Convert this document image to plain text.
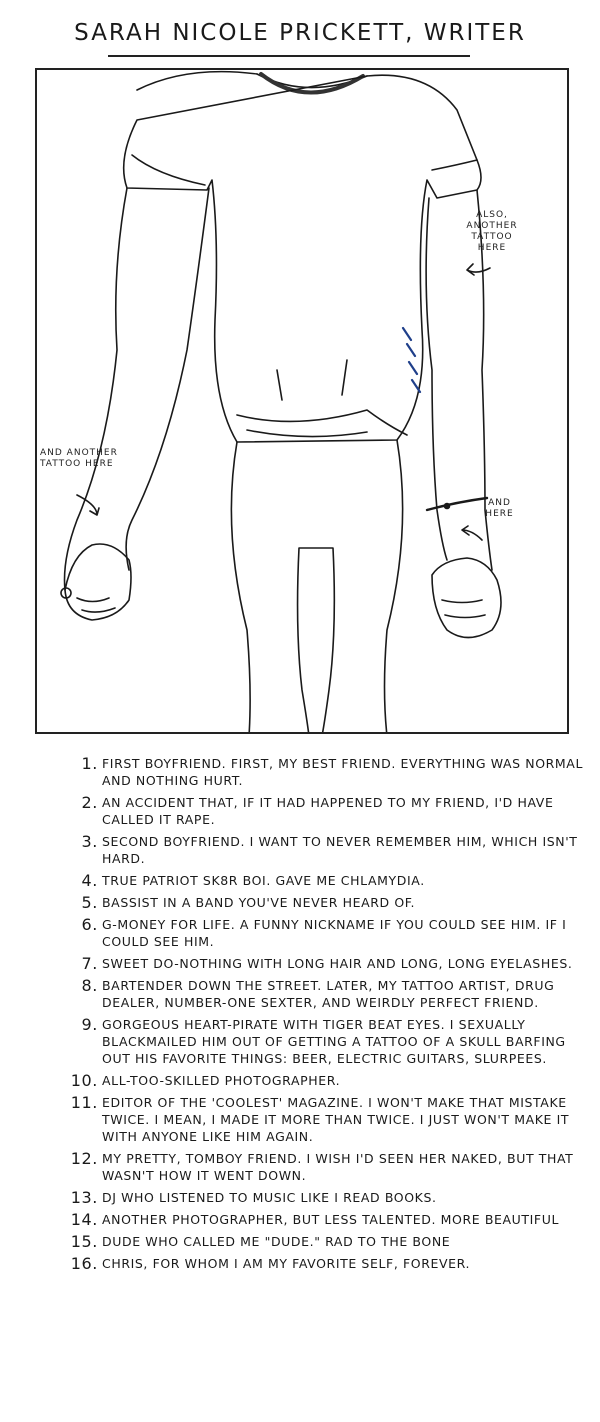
SARAH NICOLE PRICKETT, WRITER
ALSO, ANOTHER TATTOO HERE
AND ANOTHER TATTOO HERE
AND HERE
1. FIRST BOYFRIEND. FIRST, MY BEST FRIEND. EVERYTHING WAS NORMAL AND NOTHING HURT.
2. AN ACCIDENT THAT, IF IT HAD HAPPENED TO MY FRIEND, I'D HAVE CALLED IT RAPE.
3. SECOND BOYFRIEND. I WANT TO NEVER REMEMBER HIM, WHICH ISN'T HARD.
4. TRUE PATRIOT SK8R BOI. GAVE ME CHLAMYDIA.
5. BASSIST IN A BAND YOU'VE NEVER HEARD OF.
6. G-MONEY FOR LIFE. A FUNNY NICKNAME IF YOU COULD SEE HIM. IF I COULD SEE HIM.
7. SWEET DO-NOTHING WITH LONG HAIR AND LONG, LONG EYELASHES.
8. BARTENDER DOWN THE STREET. LATER, MY TATTOO ARTIST, DRUG DEALER, NUMBER-ONE SEXTER, AND WEIRDLY PERFECT FRIEND.
9. GORGEOUS HEART-PIRATE WITH TIGER BEAT EYES. I SEXUALLY BLACKMAILED HIM OUT OF GETTING A TATTOO OF A SKULL BARFING OUT HIS FAVORITE THINGS: BEER, ELECTRIC GUITARS, SLURPEES.
10. ALL-TOO-SKILLED PHOTOGRAPHER.
11. EDITOR OF THE 'COOLEST' MAGAZINE. I WON'T MAKE THAT MISTAKE TWICE. I MEAN, I MADE IT MORE THAN TWICE. I JUST WON'T MAKE IT WITH ANYONE LIKE HIM AGAIN.
12. MY PRETTY, TOMBOY FRIEND. I WISH I'D SEEN HER NAKED, BUT THAT WASN'T HOW IT WENT DOWN.
13. DJ WHO LISTENED TO MUSIC LIKE I READ BOOKS.
14. ANOTHER PHOTOGRAPHER, BUT LESS TALENTED. MORE BEAUTIFUL
15. DUDE WHO CALLED ME "DUDE." RAD TO THE BONE
16. CHRIS, FOR WHOM I AM MY FAVORITE SELF, FOREVER.
